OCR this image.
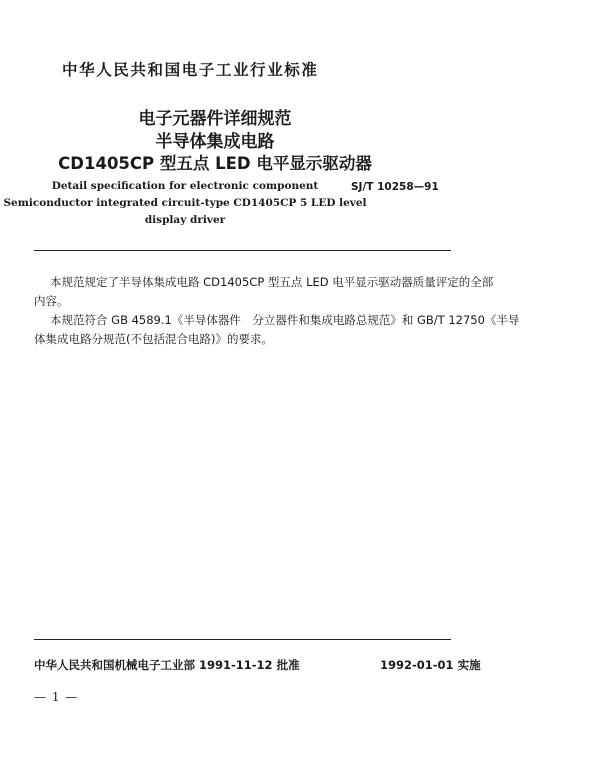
中华人民共和国电子工业行业标准
电子元器件详细规范
半导体集成电路
CD1405CP 型五点 LED 电平显示驱动器
Detail specification for electronic component
Semiconductor integrated circuit-type CD1405CP 5 LED level
display driver
SJ/T 10258—91
本规范规定了半导体集成电路 CD1405CP 型五点 LED 电平显示驱动器质量评定的全部
内容。
本规范符合 GB 4589.1《半导体器件　分立器件和集成电路总规范》和 GB/T 12750《半导
体集成电路分规范(不包括混合电路)》的要求。
中华人民共和国机械电子工业部 1991-11-12 批准	1992-01-01 实施
— 1 —
